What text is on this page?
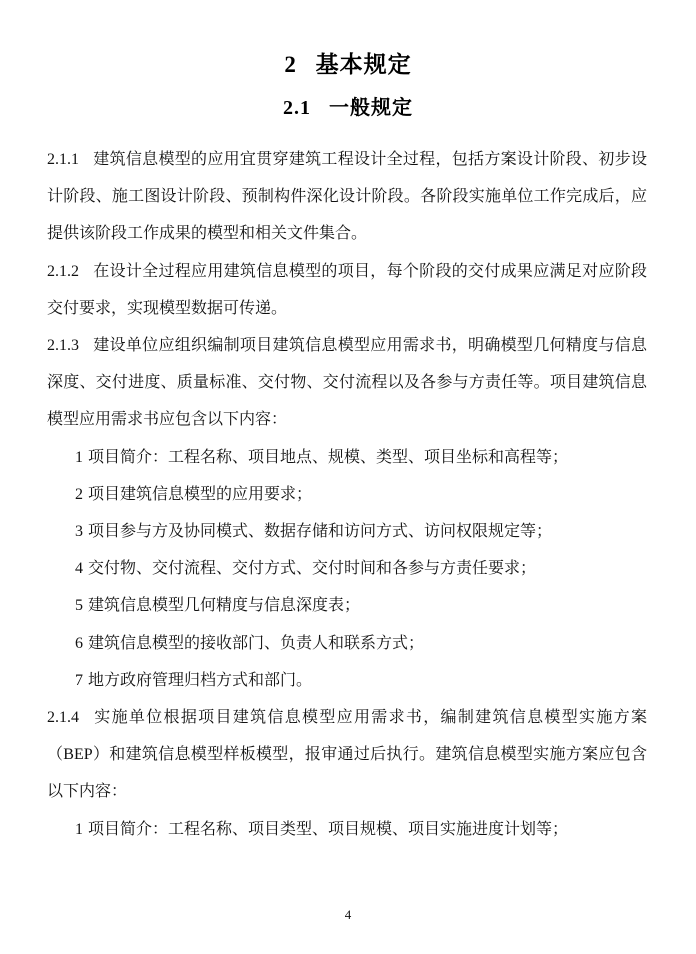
2 基本规定
2.1 一般规定

2.1.1 建筑信息模型的应用宜贯穿建筑工程设计全过程，包括方案设计阶段、初步设计阶段、施工图设计阶段、预制构件深化设计阶段。各阶段实施单位工作完成后，应提供该阶段工作成果的模型和相关文件集合。

2.1.2 在设计全过程应用建筑信息模型的项目，每个阶段的交付成果应满足对应阶段交付要求，实现模型数据可传递。

2.1.3 建设单位应组织编制项目建筑信息模型应用需求书，明确模型几何精度与信息深度、交付进度、质量标准、交付物、交付流程以及各参与方责任等。项目建筑信息模型应用需求书应包含以下内容：

1 项目简介：工程名称、项目地点、规模、类型、项目坐标和高程等；

2 项目建筑信息模型的应用要求；

3 项目参与方及协同模式、数据存储和访问方式、访问权限规定等；

4 交付物、交付流程、交付方式、交付时间和各参与方责任要求；

5 建筑信息模型几何精度与信息深度表；

6 建筑信息模型的接收部门、负责人和联系方式；

7 地方政府管理归档方式和部门。

2.1.4 实施单位根据项目建筑信息模型应用需求书，编制建筑信息模型实施方案（BEP）和建筑信息模型样板模型，报审通过后执行。建筑信息模型实施方案应包含以下内容：

1 项目简介：工程名称、项目类型、项目规模、项目实施进度计划等；

4
